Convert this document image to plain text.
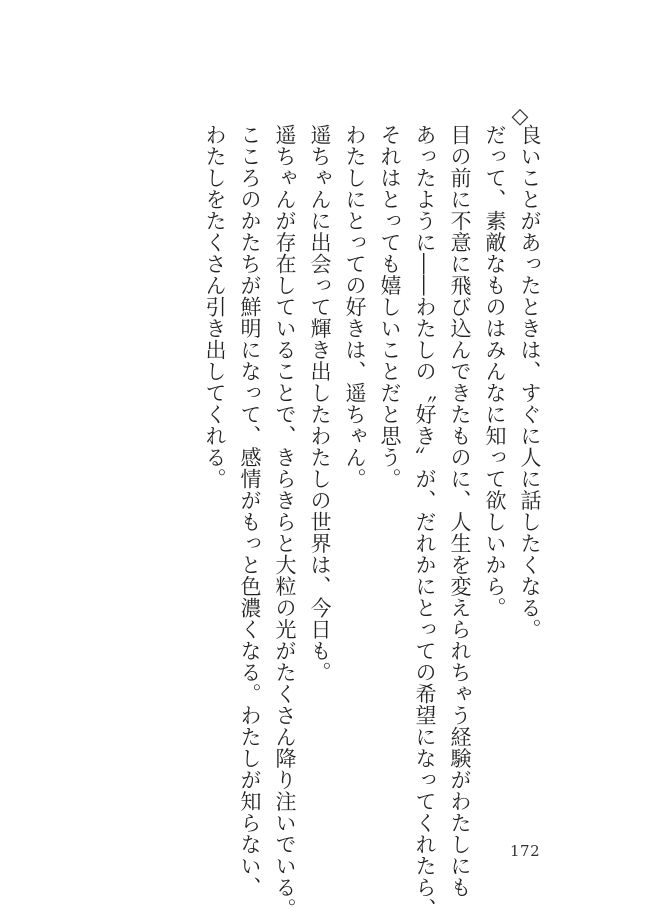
◇
良いことがあったときは、すぐに人に話したくなる。
だって、素敵なものはみんなに知って欲しいから。
目の前に不意に飛び込んできたものに、人生を変えられちゃう経験がわたしにも
あったように――わたしの〝好き〟が、だれかにとっての希望になってくれたら、
それはとっても嬉しいことだと思う。
わたしにとっての好きは、遥ちゃん。
遥ちゃんに出会って輝き出したわたしの世界は、今日も。
遥ちゃんが存在していることで、きらきらと大粒の光がたくさん降り注いでいる。
こころのかたちが鮮明になって、感情がもっと色濃くなる。わたしが知らない、
わたしをたくさん引き出してくれる。
172
